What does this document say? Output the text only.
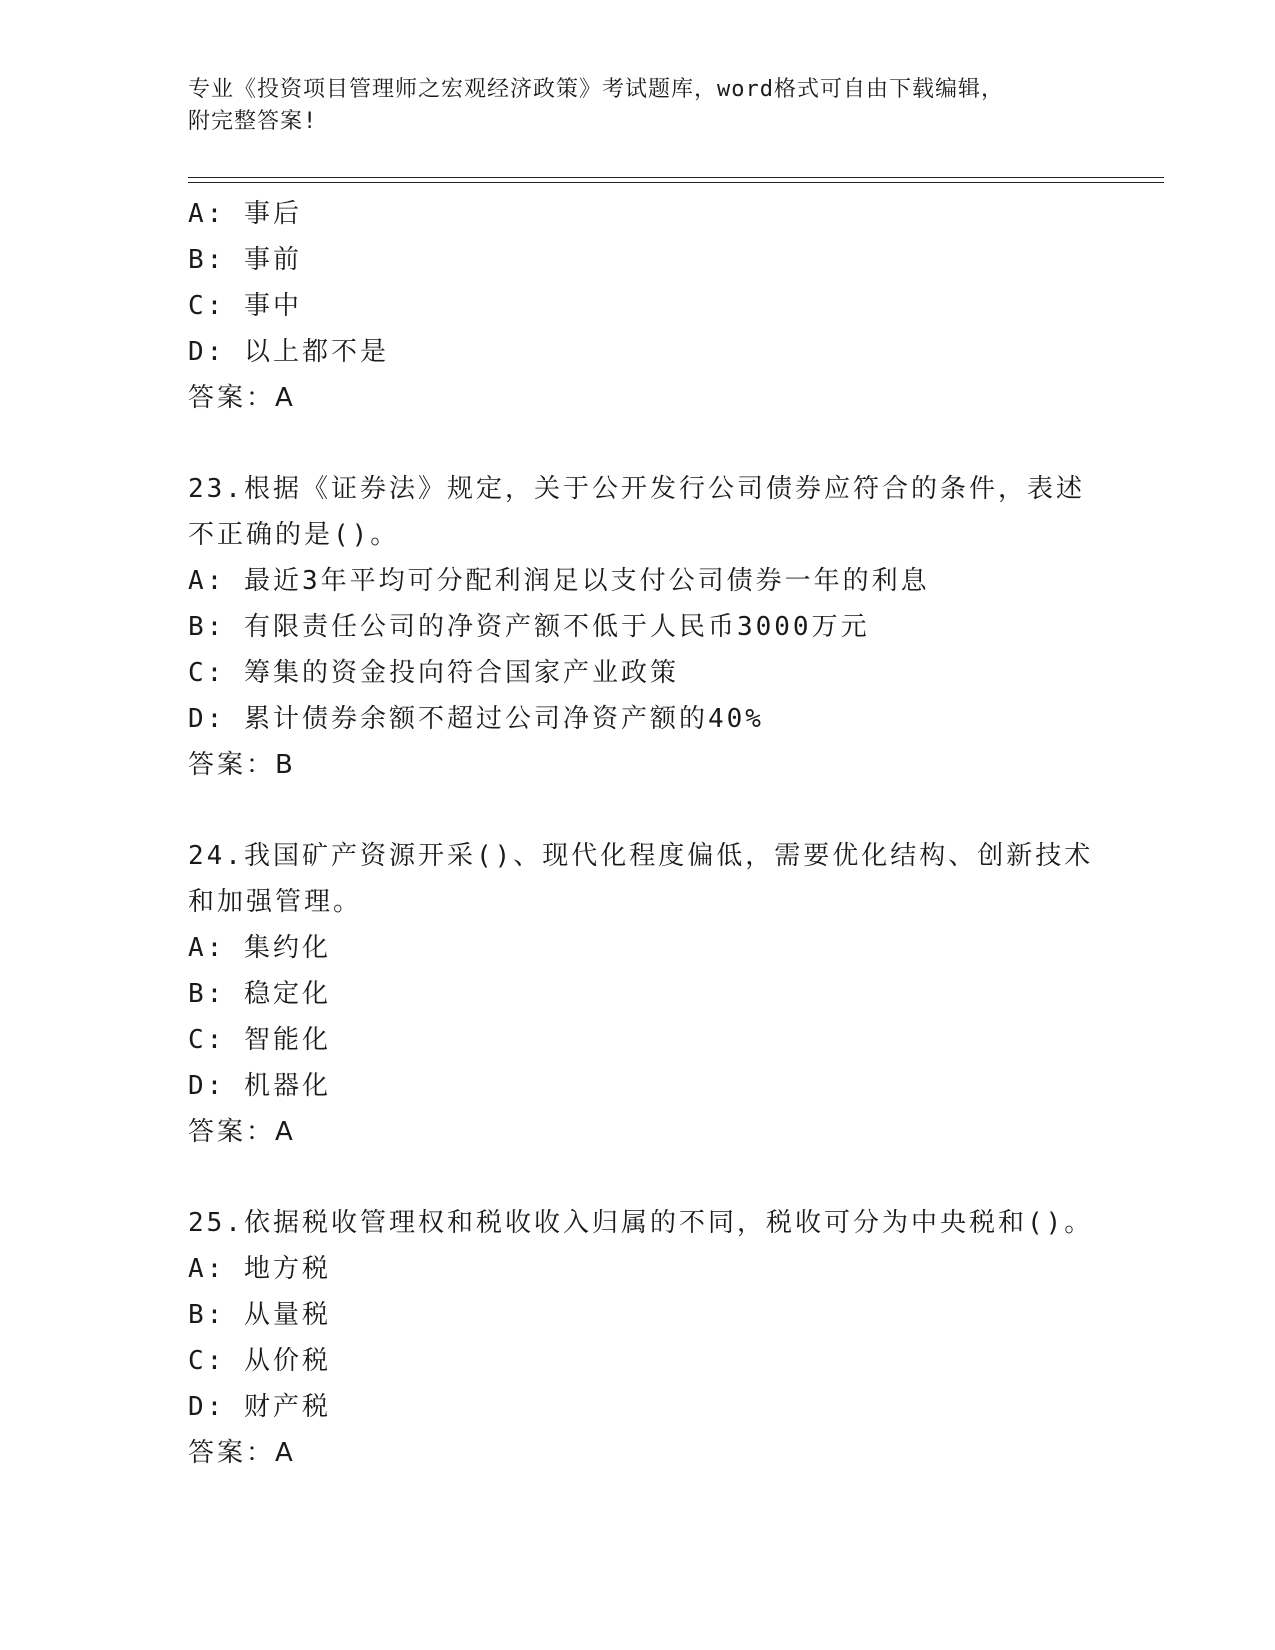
专业《投资项目管理师之宏观经济政策》考试题库，word格式可自由下载编辑，
附完整答案!
A: 事后
B: 事前
C: 事中
D: 以上都不是
答案：A
23.根据《证券法》规定，关于公开发行公司债券应符合的条件，表述
不正确的是()。
A: 最近3年平均可分配利润足以支付公司债券一年的利息
B: 有限责任公司的净资产额不低于人民币3000万元
C: 筹集的资金投向符合国家产业政策
D: 累计债券余额不超过公司净资产额的40%
答案：B
24.我国矿产资源开采()、现代化程度偏低，需要优化结构、创新技术
和加强管理。
A: 集约化
B: 稳定化
C: 智能化
D: 机器化
答案：A
25.依据税收管理权和税收收入归属的不同，税收可分为中央税和()。
A: 地方税
B: 从量税
C: 从价税
D: 财产税
答案：A
